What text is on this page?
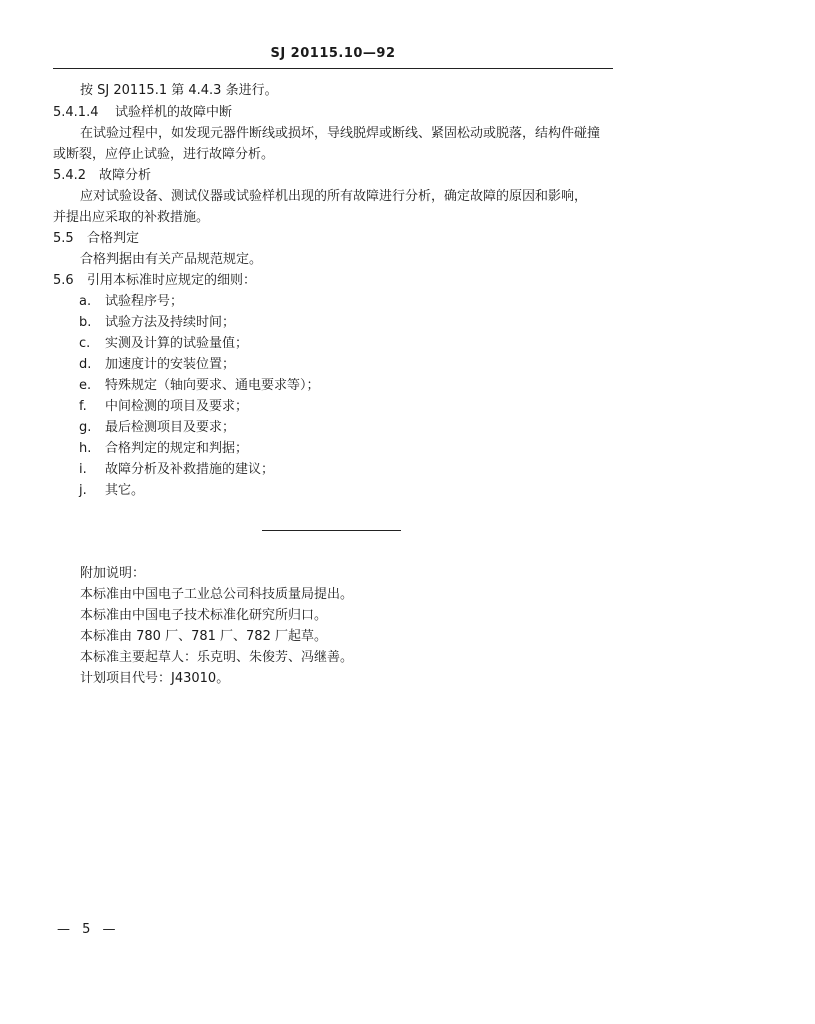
SJ 20115.10—92
按 SJ 20115.1 第 4.4.3 条进行。
5.4.1.4 试验样机的故障中断
在试验过程中，如发现元器件断线或损坏，导线脱焊或断线、紧固松动或脱落，结构件碰撞
或断裂，应停止试验，进行故障分析。
5.4.2 故障分析
应对试验设备、测试仪器或试验样机出现的所有故障进行分析，确定故障的原因和影响，
并提出应采取的补救措施。
5.5 合格判定
合格判据由有关产品规范规定。
5.6 引用本标准时应规定的细则：
a. 试验程序号；
b. 试验方法及持续时间；
c. 实测及计算的试验量值；
d. 加速度计的安装位置；
e. 特殊规定（轴向要求、通电要求等）；
f. 中间检测的项目及要求；
g. 最后检测项目及要求；
h. 合格判定的规定和判据；
i. 故障分析及补救措施的建议；
j. 其它。
附加说明：
本标准由中国电子工业总公司科技质量局提出。
本标准由中国电子技术标准化研究所归口。
本标准由 780 厂、781 厂、782 厂起草。
本标准主要起草人：乐克明、朱俊芳、冯继善。
计划项目代号：J43010。
— 5 —
